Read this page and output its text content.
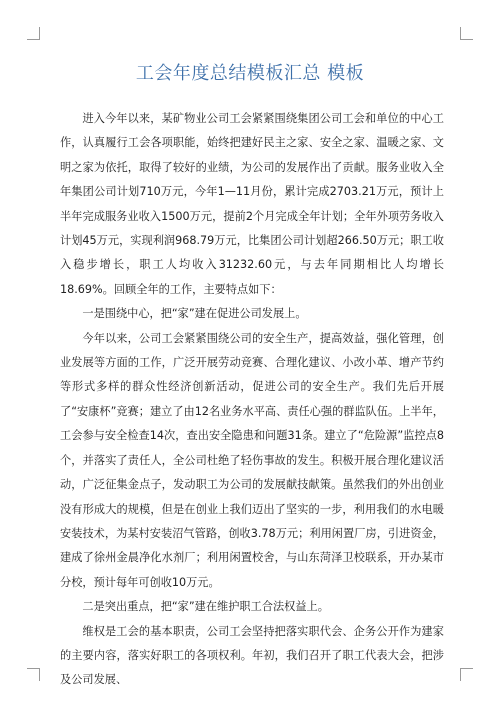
工会年度总结模板汇总 模板

进入今年以来，某矿物业公司工会紧紧围绕集团公司工会和单位的中心工作，认真履行工会各项职能，始终把建好民主之家、安全之家、温暖之家、文明之家为依托，取得了较好的业绩，为公司的发展作出了贡献。服务业收入全年集团公司计划710万元，今年1—11月份，累计完成2703.21万元，预计上半年完成服务业收入1500万元，提前2个月完成全年计划；全年外项劳务收入计划45万元，实现利润968.79万元，比集团公司计划超266.50万元；职工收入稳步增长，职工人均收入31232.60元，与去年同期相比人均增长18.69%。回顾全年的工作，主要特点如下：

一是围绕中心，把“家”建在促进公司发展上。

今年以来，公司工会紧紧围绕公司的安全生产，提高效益，强化管理，创业发展等方面的工作，广泛开展劳动竞赛、合理化建议、小改小革、增产节约等形式多样的群众性经济创新活动，促进公司的安全生产。我们先后开展了“安康杯”竞赛；建立了由12名业务水平高、责任心强的群监队伍。上半年，工会参与安全检查14次，查出安全隐患和问题31条。建立了“危险源”监控点8个，并落实了责任人，全公司杜绝了轻伤事故的发生。积极开展合理化建议活动，广泛征集金点子，发动职工为公司的发展献技献策。虽然我们的外出创业没有形成大的规模，但是在创业上我们迈出了坚实的一步，利用我们的水电暖安装技术，为某村安装沼气管路，创收3.78万元；利用闲置厂房，引进资金，建成了徐州金晨净化水剂厂；利用闲置校舍，与山东菏泽卫校联系，开办某市分校，预计每年可创收10万元。

二是突出重点，把“家”建在维护职工合法权益上。

维权是工会的基本职责，公司工会坚持把落实职代会、企务公开作为建家的主要内容，落实好职工的各项权利。年初，我们召开了职工代表大会，把涉及公司发展、
